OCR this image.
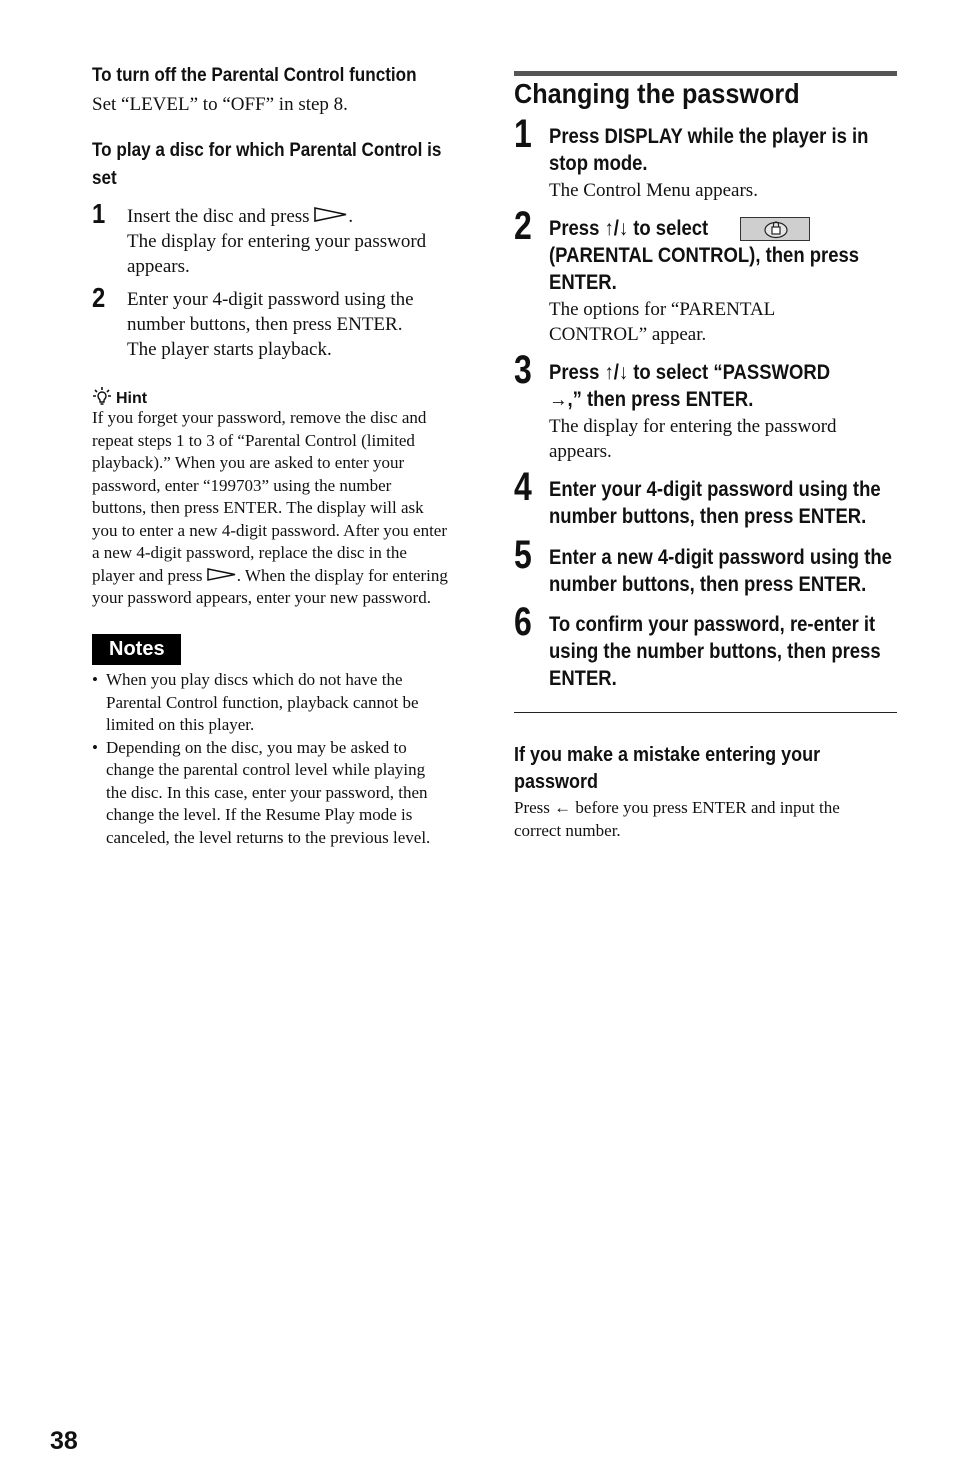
To turn off the Parental Control function
Set “LEVEL” to “OFF” in step 8.
To play a disc for which Parental Control is
set
1 Insert the disc and press .
The display for entering your password
appears.
2 Enter your 4-digit password using the
number buttons, then press ENTER.
The player starts playback.
Hint
If you forget your password, remove the disc and
repeat steps 1 to 3 of “Parental Control (limited
playback).” When you are asked to enter your
password, enter “199703” using the number
buttons, then press ENTER. The display will ask
you to enter a new 4-digit password. After you enter
a new 4-digit password, replace the disc in the
player and press . When the display for entering
your password appears, enter your new password.
Notes
• When you play discs which do not have the
Parental Control function, playback cannot be
limited on this player.
• Depending on the disc, you may be asked to
change the parental control level while playing
the disc. In this case, enter your password, then
change the level. If the Resume Play mode is
canceled, the level returns to the previous level.
Changing the password
1 Press DISPLAY while the player is in
stop mode.
The Control Menu appears.
2 Press ↑/↓ to select
(PARENTAL CONTROL), then press
ENTER.
The options for “PARENTAL
CONTROL” appear.
3 Press ↑/↓ to select “PASSWORD
→,” then press ENTER.
The display for entering the password
appears.
4 Enter your 4-digit password using the
number buttons, then press ENTER.
5 Enter a new 4-digit password using the
number buttons, then press ENTER.
6 To confirm your password, re-enter it
using the number buttons, then press
ENTER.
If you make a mistake entering your
password
Press ← before you press ENTER and input the
correct number.
38
